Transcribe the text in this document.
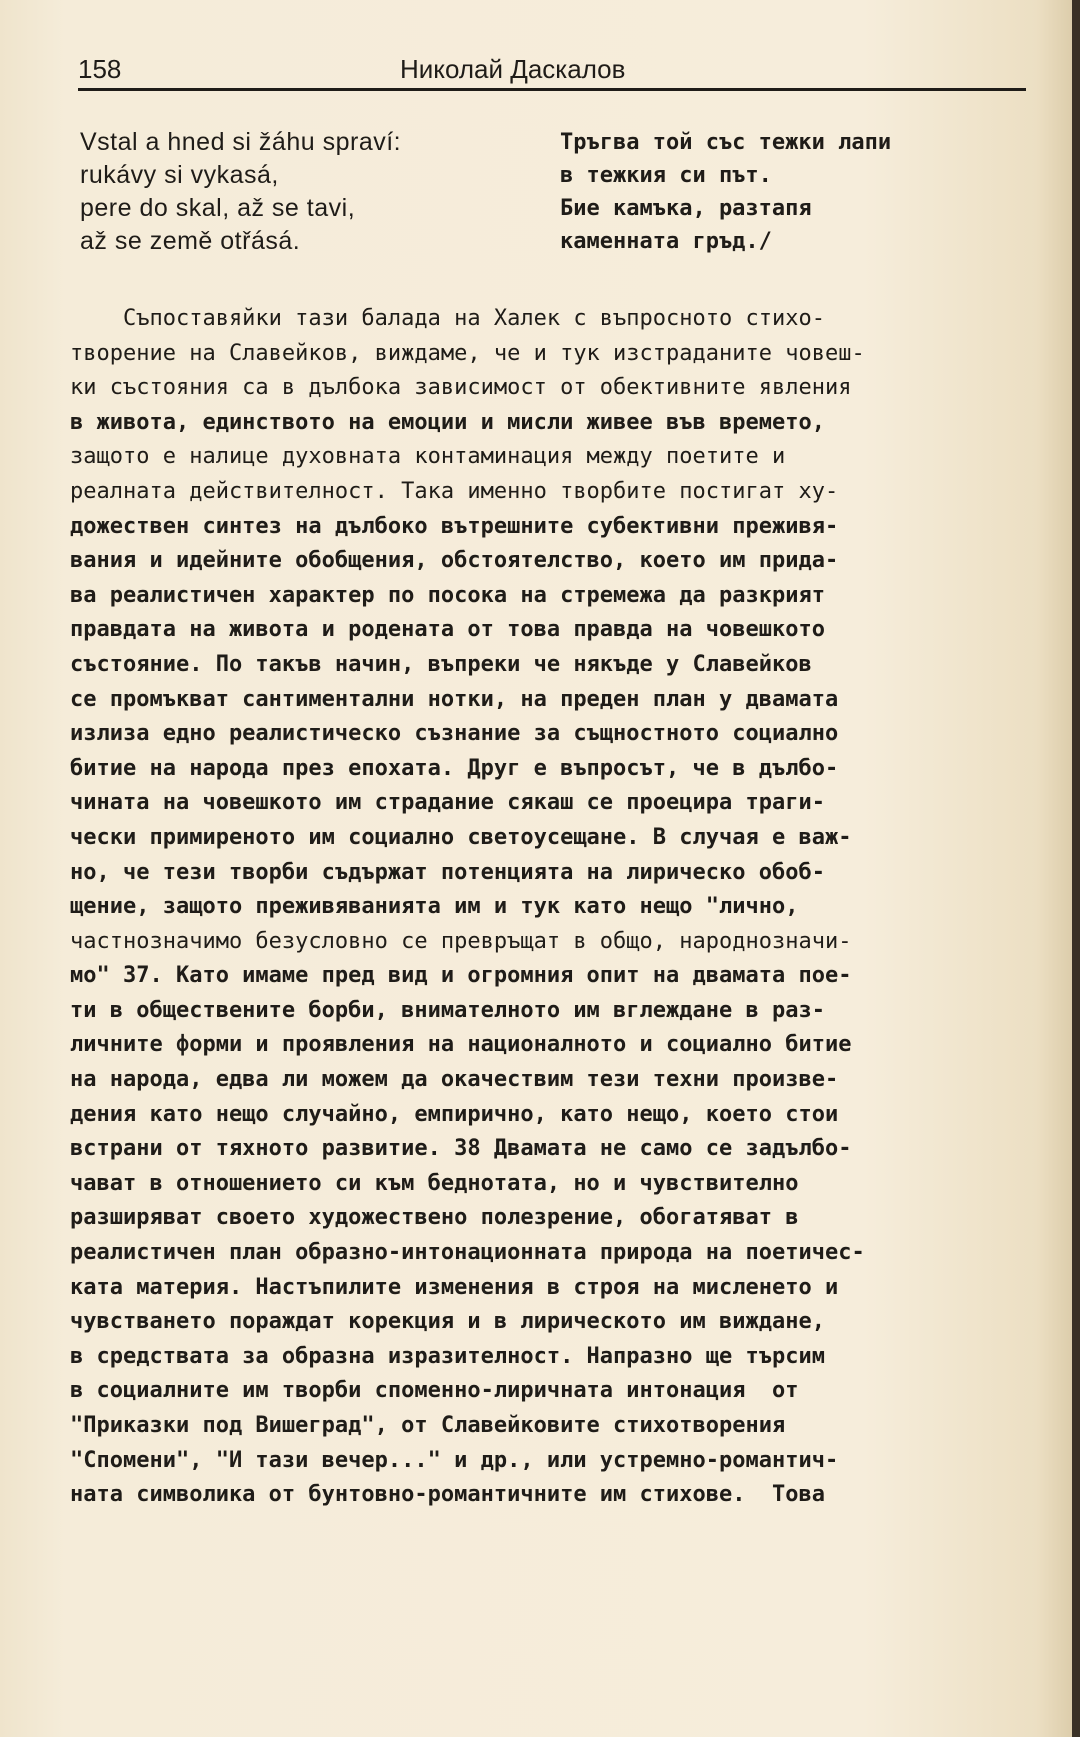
158	Николай Даскалов
Vstal a hned si žáhu spraví:
rukávy si vykasá,
pere do skal, až se tavi,
až se země otřásá.
Тръгва той със тежки лапи
в тежкия си път.
Бие камъка, разтапя
каменната гръд./
Съпоставяйки тази балада на Халек с въпросното стихо-
творение на Славейков, виждаме, че и тук изстраданите човеш-
ки състояния са в дълбока зависимост от обективните явления
в живота, единството на емоции и мисли живее във времето,
защото е налице духовната контаминация между поетите и
реалната действителност. Така именно творбите постигат ху-
дожествен синтез на дълбоко вътрешните субективни преживя-
вания и идейните обобщения, обстоятелство, което им прида-
ва реалистичен характер по посока на стремежа да разкрият
правдата на живота и родената от това правда на човешкото
състояние. По такъв начин, въпреки че някъде у Славейков
се промъкват сантиментални нотки, на преден план у двамата
излиза едно реалистическо съзнание за същностното социално
битие на народа през епохата. Друг е въпросът, че в дълбо-
чината на човешкото им страдание сякаш се проецира траги-
чески примиреното им социално светоусещане. В случая е важ-
но, че тези творби съдържат потенцията на лирическо обоб-
щение, защото преживяванията им и тук като нещо "лично,
частнозначимо безусловно се превръщат в общо, народнозначи-
мо" 37. Като имаме пред вид и огромния опит на двамата пое-
ти в обществените борби, внимателното им вглеждане в раз-
личните форми и проявления на националното и социално битие
на народа, едва ли можем да окачествим тези техни произве-
дения като нещо случайно, емпирично, като нещо, което стои
встрани от тяхното развитие. 38 Двамата не само се задълбо-
чават в отношението си към беднотата, но и чувствително
разширяват своето художествено полезрение, обогатяват в
реалистичен план образно-интонационната природа на поетичес-
ката материя. Настъпилите изменения в строя на мисленето и
чувстването пораждат корекция и в лирическото им виждане,
в средствата за образна изразителност. Напразно ще търсим
в социалните им творби споменно-лиричната интонация  от
"Приказки под Вишеград", от Славейковите стихотворения
"Спомени", "И тази вечер..." и др., или устремно-романтич-
ната символика от бунтовно-романтичните им стихове.  Това
